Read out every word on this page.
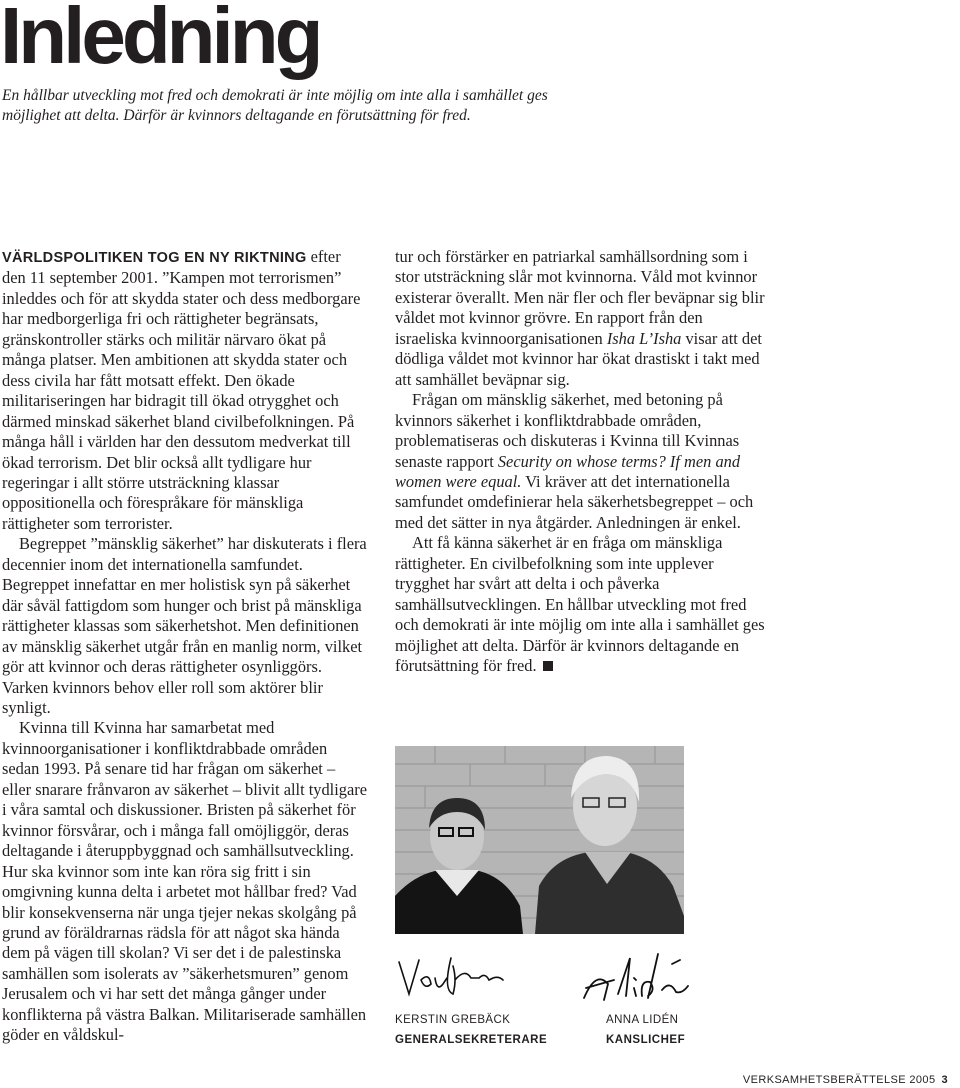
Inledning

En hållbar utveckling mot fred och demokrati är inte möjlig om inte alla i samhället ges möjlighet att delta. Därför är kvinnors deltagande en förutsättning för fred.

VÄRLDSPOLITIKEN TOG EN NY RIKTNING efter den 11 september 2001. ”Kampen mot terrorismen” inleddes och för att skydda stater och dess medborgare har medborgerliga fri och rättigheter begränsats, gränskontroller stärks och militär närvaro ökat på många platser. Men ambitionen att skydda stater och dess civila har fått motsatt effekt. Den ökade militariseringen har bidragit till ökad otrygghet och därmed minskad säkerhet bland civilbefolkningen. På många håll i världen har den dessutom medverkat till ökad terrorism. Det blir också allt tydligare hur regeringar i allt större utsträckning klassar oppositionella och förespråkare för mänskliga rättigheter som terrorister.

Begreppet ”mänsklig säkerhet” har diskuterats i flera decennier inom det internationella samfundet. Begreppet innefattar en mer holistisk syn på säkerhet där såväl fattigdom som hunger och brist på mänskliga rättigheter klassas som säkerhetshot. Men definitionen av mänsklig säkerhet utgår från en manlig norm, vilket gör att kvinnor och deras rättigheter osynliggörs. Varken kvinnors behov eller roll som aktörer blir synligt.

Kvinna till Kvinna har samarbetat med kvinnoorganisationer i konfliktdrabbade områden sedan 1993. På senare tid har frågan om säkerhet – eller snarare frånvaron av säkerhet – blivit allt tydligare i våra samtal och diskussioner. Bristen på säkerhet för kvinnor försvårar, och i många fall omöjliggör, deras deltagande i återuppbyggnad och samhällsutveckling. Hur ska kvinnor som inte kan röra sig fritt i sin omgivning kunna delta i arbetet mot hållbar fred? Vad blir konsekvenserna när unga tjejer nekas skolgång på grund av föräldrarnas rädsla för att något ska hända dem på vägen till skolan? Vi ser det i de palestinska samhällen som isolerats av ”säkerhetsmuren” genom Jerusalem och vi har sett det många gånger under konflikterna på västra Balkan. Militariserade samhällen göder en våldskul-

tur och förstärker en patriarkal samhällsordning som i stor utsträckning slår mot kvinnorna. Våld mot kvinnor existerar överallt. Men när fler och fler beväpnar sig blir våldet mot kvinnor grövre. En rapport från den israeliska kvinnoorganisationen Isha L’Isha visar att det dödliga våldet mot kvinnor har ökat drastiskt i takt med att samhället beväpnar sig.

Frågan om mänsklig säkerhet, med betoning på kvinnors säkerhet i konfliktdrabbade områden, problematiseras och diskuteras i Kvinna till Kvinnas senaste rapport Security on whose terms? If men and women were equal. Vi kräver att det internationella samfundet omdefinierar hela säkerhetsbegreppet – och med det sätter in nya åtgärder. Anledningen är enkel.

Att få känna säkerhet är en fråga om mänskliga rättigheter. En civilbefolkning som inte upplever trygghet har svårt att delta i och påverka samhällsutvecklingen. En hållbar utveckling mot fred och demokrati är inte möjlig om inte alla i samhället ges möjlighet att delta. Därför är kvinnors deltagande en förutsättning för fred.

KERSTIN GREBÄCK

GENERALSEKRETERARE

ANNA LIDÉN

KANSLICHEF

VERKSAMHETSBERÄTTELSE 2005 3
